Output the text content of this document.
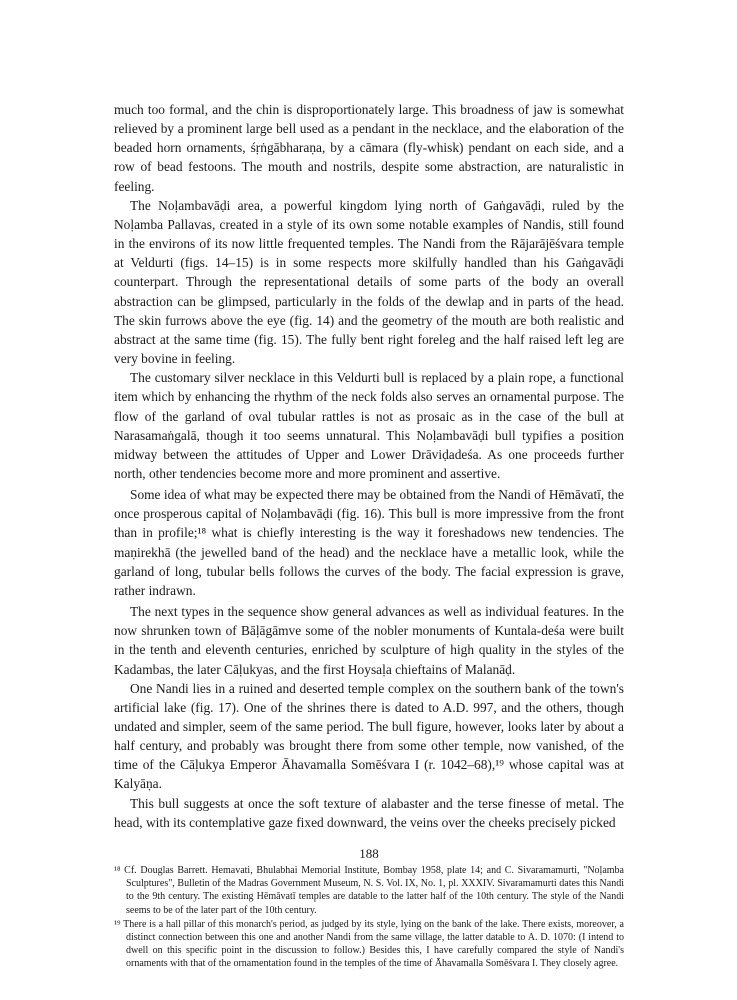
much too formal, and the chin is disproportionately large. This broadness of jaw is somewhat relieved by a prominent large bell used as a pendant in the necklace, and the elaboration of the beaded horn ornaments, śṛṅgābharaṇa, by a cāmara (fly-whisk) pendant on each side, and a row of bead festoons. The mouth and nostrils, despite some abstraction, are naturalistic in feeling.

The Noḷambavāḍi area, a powerful kingdom lying north of Gaṅgavāḍi, ruled by the Noḷamba Pallavas, created in a style of its own some notable examples of Nandis, still found in the environs of its now little frequented temples. The Nandi from the Rājarājēśvara temple at Veldurti (figs. 14–15) is in some respects more skilfully handled than his Gaṅgavāḍi counterpart. Through the representational details of some parts of the body an overall abstraction can be glimpsed, particularly in the folds of the dewlap and in parts of the head. The skin furrows above the eye (fig. 14) and the geometry of the mouth are both realistic and abstract at the same time (fig. 15). The fully bent right foreleg and the half raised left leg are very bovine in feeling.

The customary silver necklace in this Veldurti bull is replaced by a plain rope, a functional item which by enhancing the rhythm of the neck folds also serves an ornamental purpose. The flow of the garland of oval tubular rattles is not as prosaic as in the case of the bull at Narasamaṅgalā, though it too seems unnatural. This Noḷambavāḍi bull typifies a position midway between the attitudes of Upper and Lower Drāviḍadeśa. As one proceeds further north, other tendencies become more and more prominent and assertive.

Some idea of what may be expected there may be obtained from the Nandi of Hēmāvatī, the once prosperous capital of Noḷambavāḍi (fig. 16). This bull is more impressive from the front than in profile;¹⁸ what is chiefly interesting is the way it foreshadows new tendencies. The maṇirekhā (the jewelled band of the head) and the necklace have a metallic look, while the garland of long, tubular bells follows the curves of the body. The facial expression is grave, rather indrawn.

The next types in the sequence show general advances as well as individual features. In the now shrunken town of Bāḷāgāmve some of the nobler monuments of Kuntala-deśa were built in the tenth and eleventh centuries, enriched by sculpture of high quality in the styles of the Kadambas, the later Cāḷukyas, and the first Hoysaḷa chieftains of Malanāḍ.

One Nandi lies in a ruined and deserted temple complex on the southern bank of the town's artificial lake (fig. 17). One of the shrines there is dated to A.D. 997, and the others, though undated and simpler, seem of the same period. The bull figure, however, looks later by about a half century, and probably was brought there from some other temple, now vanished, of the time of the Cāḷukya Emperor Āhavamalla Somēśvara I (r. 1042–68),¹⁹ whose capital was at Kalyāṇa.

This bull suggests at once the soft texture of alabaster and the terse finesse of metal. The head, with its contemplative gaze fixed downward, the veins over the cheeks precisely picked

¹⁸ Cf. Douglas Barrett. Hemavati, Bhulabhai Memorial Institute, Bombay 1958, plate 14; and C. Sivaramamurti, "Noḷamba Sculptures", Bulletin of the Madras Government Museum, N. S. Vol. IX, No. 1, pl. XXXIV. Sivaramamurti dates this Nandi to the 9th century. The existing Hēmāvatī temples are datable to the latter half of the 10th century. The style of the Nandi seems to be of the later part of the 10th century.

¹⁹ There is a hall pillar of this monarch's period, as judged by its style, lying on the bank of the lake. There exists, moreover, a distinct connection between this one and another Nandi from the same village, the latter datable to A. D. 1070: (I intend to dwell on this specific point in the discussion to follow.) Besides this, I have carefully compared the style of Nandi's ornaments with that of the ornamentation found in the temples of the time of Āhavamalla Somēśvara I. They closely agree.

188
